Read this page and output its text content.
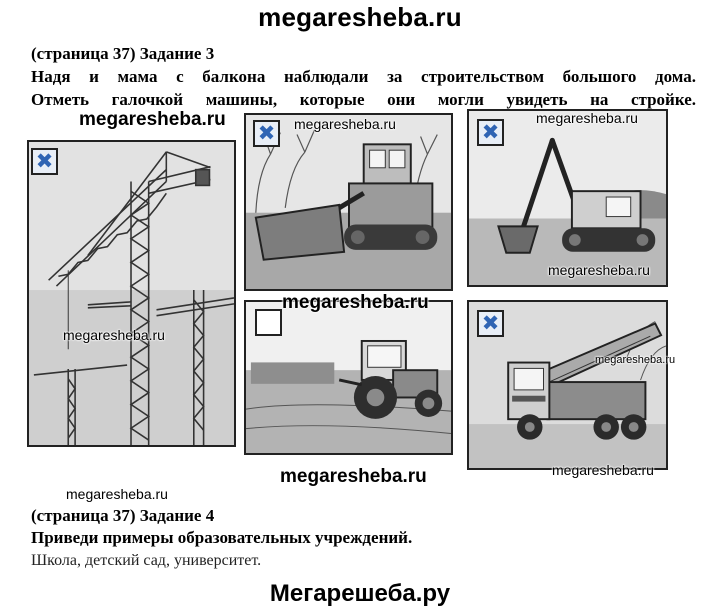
megaresheba.ru
(страница 37) Задание 3
Надя и мама с балкона наблюдали за строительством большого дома.
Отметь галочкой машины, которые они могли увидеть на стройке.
✖
✖	✖
✖
megaresheba.ru	megaresheba.ru	megaresheba.ru
megaresheba.ru
megaresheba.ru
megaresheba.ru
megaresheba.ru
megaresheba.ru	megaresheba.ru
megaresheba.ru
(страница 37) Задание 4
Приведи примеры образовательных учреждений.
Школа, детский сад, университет.
Мегарешеба.ру
